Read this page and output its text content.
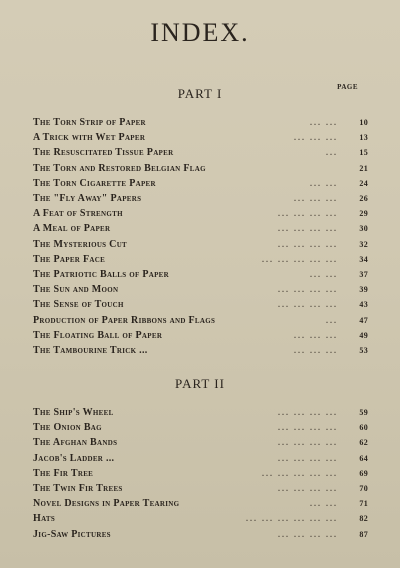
INDEX.
PART I	PAGE
The Torn Strip of Paper	... ...	10
A Trick with Wet Paper	... ... ...	13
The Resuscitated Tissue Paper	...	15
The Torn and Restored Belgian Flag	21
The Torn Cigarette Paper	... ...	24
The "Fly Away" Papers	... ... ...	26
A Feat of Strength	... ... ... ...	29
A Meal of Paper	... ... ... ...	30
The Mysterious Cut	... ... ... ...	32
The Paper Face	... ... ... ... ...	34
The Patriotic Balls of Paper	... ...	37
The Sun and Moon	... ... ... ...	39
The Sense of Touch	... ... ... ...	43
Production of Paper Ribbons and Flags	...	47
The Floating Ball of Paper	... ... ...	49
The Tambourine Trick ...	... ... ...	53
PART II
The Ship's Wheel	... ... ... ...	59
The Onion Bag	... ... ... ...	60
The Afghan Bands	... ... ... ...	62
Jacob's Ladder ...	... ... ... ...	64
The Fir Tree	... ... ... ... ...	69
The Twin Fir Trees	... ... ... ...	70
Novel Designs in Paper Tearing	... ...	71
Hats	... ... ... ... ... ...	82
Jig-Saw Pictures	... ... ... ...	87
